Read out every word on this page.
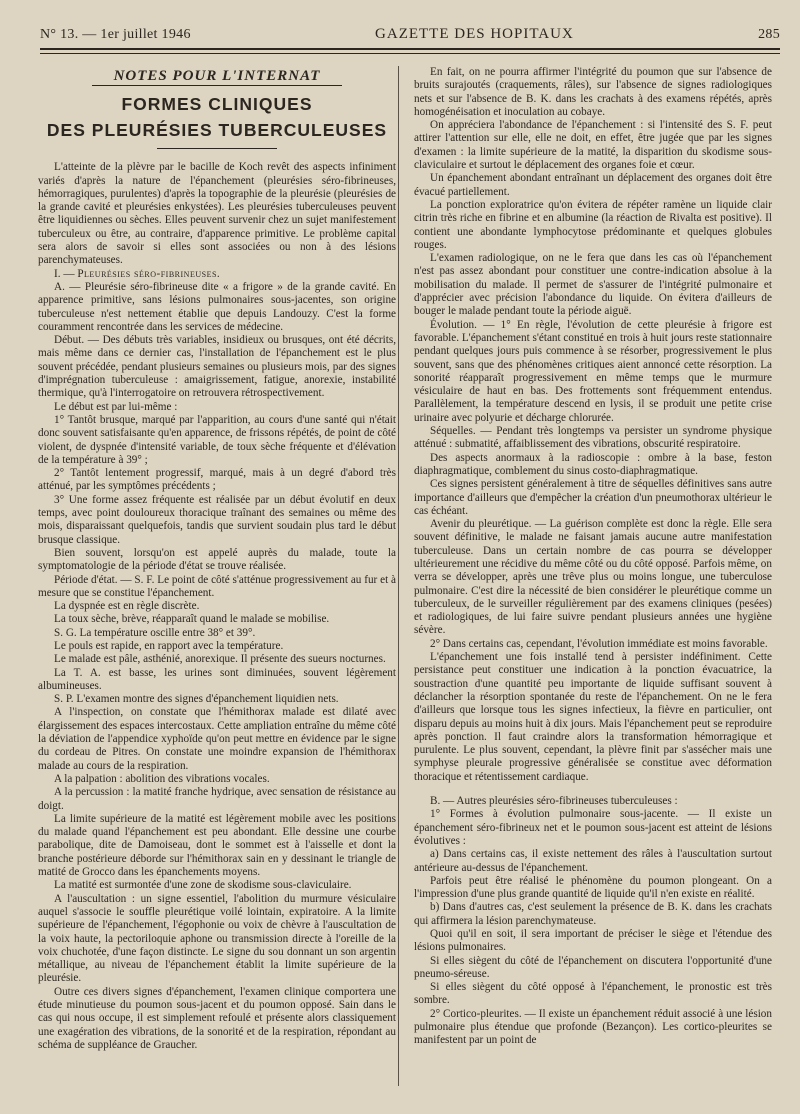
N° 13. — 1er juillet 1946	GAZETTE DES HOPITAUX	285
NOTES POUR L'INTERNAT
FORMES CLINIQUES
DES PLEURÉSIES TUBERCULEUSES

L'atteinte de la plèvre par le bacille de Koch revêt des aspects infiniment variés d'après la nature de l'épanchement (pleurésies séro-fibrineuses, hémorragiques, purulentes) d'après la topographie de la pleurésie (pleurésies de la grande cavité et pleurésies enkystées). Les pleurésies tuberculeuses peuvent être liquidiennes ou sèches. Elles peuvent survenir chez un sujet manifestement tuberculeux ou être, au contraire, d'apparence primitive. Le problème capital sera alors de savoir si elles sont associées ou non à des lésions parenchymateuses.

I. — Pleurésies séro-fibrineuses.

A. — Pleurésie séro-fibrineuse dite « a frigore » de la grande cavité. En apparence primitive, sans lésions pulmonaires sous-jacentes, son origine tuberculeuse n'est nettement établie que depuis Landouzy. C'est la forme couramment rencontrée dans les services de médecine.

Début. — Des débuts très variables, insidieux ou brusques, ont été décrits, mais même dans ce dernier cas, l'installation de l'épanchement est le plus souvent précédée, pendant plusieurs semaines ou plusieurs mois, par des signes d'imprégnation tuberculeuse : amaigrissement, fatigue, anorexie, instabilité thermique, qu'à l'interrogatoire on retrouvera rétrospectivement.

Le début est par lui-même :

1° Tantôt brusque, marqué par l'apparition, au cours d'une santé qui n'était donc souvent satisfaisante qu'en apparence, de frissons répétés, de point de côté violent, de dyspnée d'intensité variable, de toux sèche fréquente et d'élévation de la température à 39° ;

2° Tantôt lentement progressif, marqué, mais à un degré d'abord très atténué, par les symptômes précédents ;

3° Une forme assez fréquente est réalisée par un début évolutif en deux temps, avec point douloureux thoracique traînant des semaines ou même des mois, disparaissant quelquefois, tandis que survient soudain plus tard le début brusque classique.

Bien souvent, lorsqu'on est appelé auprès du malade, toute la symptomatologie de la période d'état se trouve réalisée.

Période d'état. — S. F. Le point de côté s'atténue progressivement au fur et à mesure que se constitue l'épanchement.

La dyspnée est en règle discrète.

La toux sèche, brève, réapparaît quand le malade se mobilise.

S. G. La température oscille entre 38° et 39°.

Le pouls est rapide, en rapport avec la température.

Le malade est pâle, asthénié, anorexique. Il présente des sueurs nocturnes.

La T. A. est basse, les urines sont diminuées, souvent légèrement albumineuses.

S. P. L'examen montre des signes d'épanchement liquidien nets.

A l'inspection, on constate que l'hémithorax malade est dilaté avec élargissement des espaces intercostaux. Cette ampliation entraîne du même côté la déviation de l'appendice xyphoïde qu'on peut mettre en évidence par le signe du cordeau de Pitres. On constate une moindre expansion de l'hémithorax malade au cours de la respiration.

A la palpation : abolition des vibrations vocales.

A la percussion : la matité franche hydrique, avec sensation de résistance au doigt.

La limite supérieure de la matité est légèrement mobile avec les positions du malade quand l'épanchement est peu abondant. Elle dessine une courbe parabolique, dite de Damoiseau, dont le sommet est à l'aisselle et dont la branche postérieure déborde sur l'hémithorax sain en y dessinant le triangle de matité de Grocco dans les épanchements moyens.

La matité est surmontée d'une zone de skodisme sous-claviculaire.

A l'auscultation : un signe essentiel, l'abolition du murmure vésiculaire auquel s'associe le souffle pleurétique voilé lointain, expiratoire. A la limite supérieure de l'épanchement, l'égophonie ou voix de chèvre à l'auscultation de la voix haute, la pectoriloquie aphone ou transmission directe à l'oreille de la voix chuchotée, d'une façon distincte. Le signe du sou donnant un son argentin métallique, au niveau de l'épanchement établit la limite supérieure de la pleurésie.

Outre ces divers signes d'épanchement, l'examen clinique comportera une étude minutieuse du poumon sous-jacent et du poumon opposé. Sain dans le cas qui nous occupe, il est simplement refoulé et présente alors classiquement une exagération des vibrations, de la sonorité et de la respiration, répondant au schéma de suppléance de Graucher.

En fait, on ne pourra affirmer l'intégrité du poumon que sur l'absence de bruits surajoutés (craquements, râles), sur l'absence de signes radiologiques nets et sur l'absence de B. K. dans les crachats à des examens répétés, après homogénéisation et inoculation au cobaye.

On appréciera l'abondance de l'épanchement : si l'intensité des S. F. peut attirer l'attention sur elle, elle ne doit, en effet, être jugée que par les signes d'examen : la limite supérieure de la matité, la disparition du skodisme sous-claviculaire et surtout le déplacement des organes foie et cœur.

Un épanchement abondant entraînant un déplacement des organes doit être évacué partiellement.

La ponction exploratrice qu'on évitera de répéter ramène un liquide clair citrin très riche en fibrine et en albumine (la réaction de Rivalta est positive). Il contient une abondante lymphocytose prédominante et quelques globules rouges.

L'examen radiologique, on ne le fera que dans les cas où l'épanchement n'est pas assez abondant pour constituer une contre-indication absolue à la mobilisation du malade. Il permet de s'assurer de l'intégrité pulmonaire et d'apprécier avec précision l'abondance du liquide. On évitera d'ailleurs de bouger le malade pendant toute la période aiguë.

Évolution. — 1° En règle, l'évolution de cette pleurésie à frigore est favorable. L'épanchement s'étant constitué en trois à huit jours reste stationnaire pendant quelques jours puis commence à se résorber, progressivement le plus souvent, sans que des phénomènes critiques aient annoncé cette résorption. La sonorité réapparaît progressivement en même temps que le murmure vésiculaire de haut en bas. Des frottements sont fréquemment entendus. Parallèlement, la température descend en lysis, il se produit une petite crise urinaire avec polyurie et décharge chlorurée.

Séquelles. — Pendant très longtemps va persister un syndrome physique atténué : submatité, affaiblissement des vibrations, obscurité respiratoire.

Des aspects anormaux à la radioscopie : ombre à la base, feston diaphragmatique, comblement du sinus costo-diaphragmatique.

Ces signes persistent généralement à titre de séquelles définitives sans autre importance d'ailleurs que d'empêcher la création d'un pneumothorax ultérieur le cas échéant.

Avenir du pleurétique. — La guérison complète est donc la règle. Elle sera souvent définitive, le malade ne faisant jamais aucune autre manifestation tuberculeuse. Dans un certain nombre de cas pourra se développer ultérieurement une récidive du même côté ou du côté opposé. Parfois même, on verra se développer, après une trêve plus ou moins longue, une tuberculose pulmonaire. C'est dire la nécessité de bien considérer le pleurétique comme un tuberculeux, de le surveiller régulièrement par des examens cliniques (pesées) et radiologiques, de lui faire suivre pendant plusieurs années une hygiène sévère.

2° Dans certains cas, cependant, l'évolution immédiate est moins favorable.

L'épanchement une fois installé tend à persister indéfiniment. Cette persistance peut constituer une indication à la ponction évacuatrice, la soustraction d'une quantité peu importante de liquide suffisant souvent à déclancher la résorption spontanée du reste de l'épanchement. On ne le fera d'ailleurs que lorsque tous les signes infectieux, la fièvre en particulier, ont disparu depuis au moins huit à dix jours. Mais l'épanchement peut se reproduire après ponction. Il faut craindre alors la transformation hémorragique et purulente. Le plus souvent, cependant, la plèvre finit par s'assécher mais une symphyse pleurale progressive généralisée se constitue avec déformation thoracique et rétentissement cardiaque.

B. — Autres pleurésies séro-fibrineuses tuberculeuses :

1° Formes à évolution pulmonaire sous-jacente. — Il existe un épanchement séro-fibrineux net et le poumon sous-jacent est atteint de lésions évolutives :

a) Dans certains cas, il existe nettement des râles à l'auscultation surtout antérieure au-dessus de l'épanchement.

Parfois peut être réalisé le phénomène du poumon plongeant. On a l'impression d'une plus grande quantité de liquide qu'il n'en existe en réalité.

b) Dans d'autres cas, c'est seulement la présence de B. K. dans les crachats qui affirmera la lésion parenchymateuse.

Quoi qu'il en soit, il sera important de préciser le siège et l'étendue des lésions pulmonaires.

Si elles siègent du côté de l'épanchement on discutera l'opportunité d'une pneumo-séreuse.

Si elles siègent du côté opposé à l'épanchement, le pronostic est très sombre.

2° Cortico-pleurites. — Il existe un épanchement réduit associé à une lésion pulmonaire plus étendue que profonde (Bezançon). Les cortico-pleurites se manifestent par un point de
